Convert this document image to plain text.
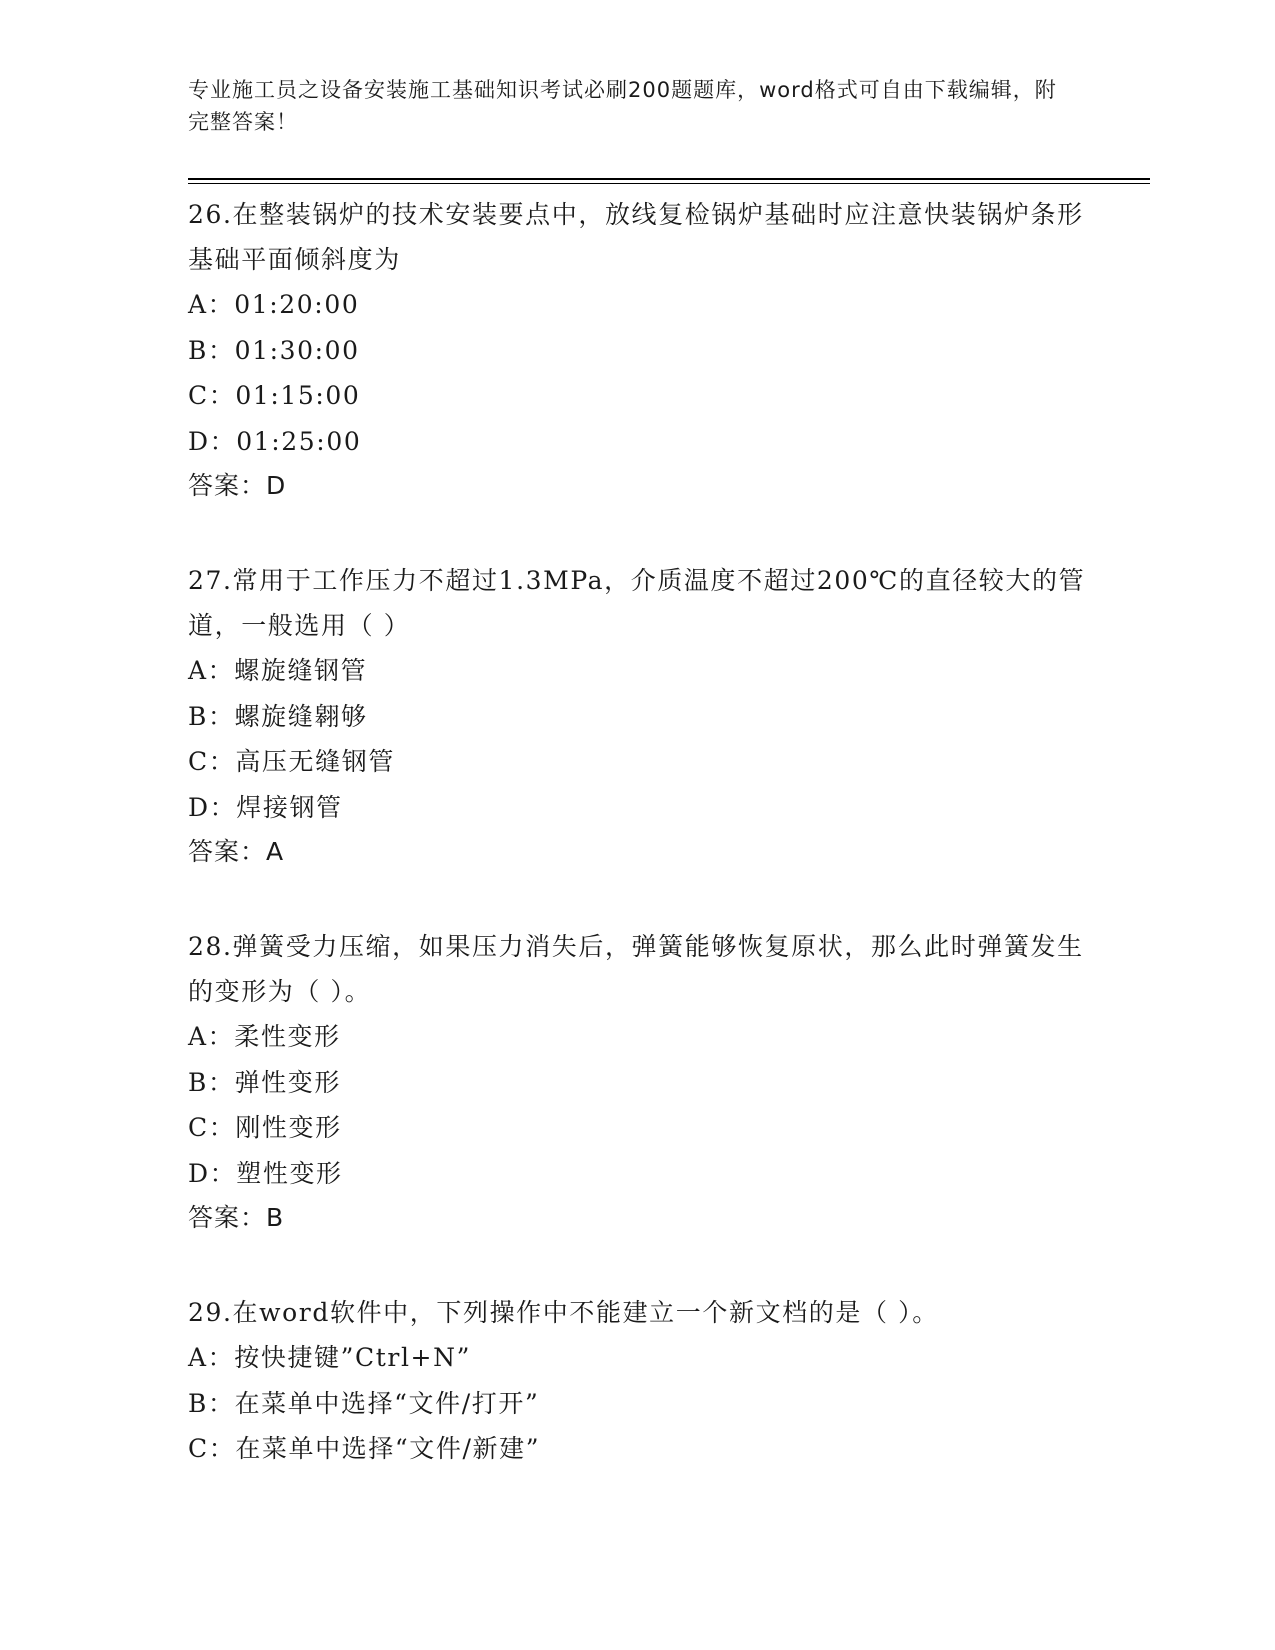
专业施工员之设备安装施工基础知识考试必刷200题题库，word格式可自由下载编辑，附完整答案！
26.在整装锅炉的技术安装要点中，放线复检锅炉基础时应注意快装锅炉条形基础平面倾斜度为
A：01:20:00
B：01:30:00
C：01:15:00
D：01:25:00
答案：D
27.常用于工作压力不超过1.3MPa，介质温度不超过200℃的直径较大的管道，一般选用（ ）
A：螺旋缝钢管
B：螺旋缝翱够
C：高压无缝钢管
D：焊接钢管
答案：A
28.弹簧受力压缩，如果压力消失后，弹簧能够恢复原状，那么此时弹簧发生的变形为（ ）。
A：柔性变形
B：弹性变形
C：刚性变形
D：塑性变形
答案：B
29.在word软件中，下列操作中不能建立一个新文档的是（ ）。
A：按快捷键”Ctrl+N”
B：在菜单中选择“文件/打开”
C：在菜单中选择“文件/新建”
